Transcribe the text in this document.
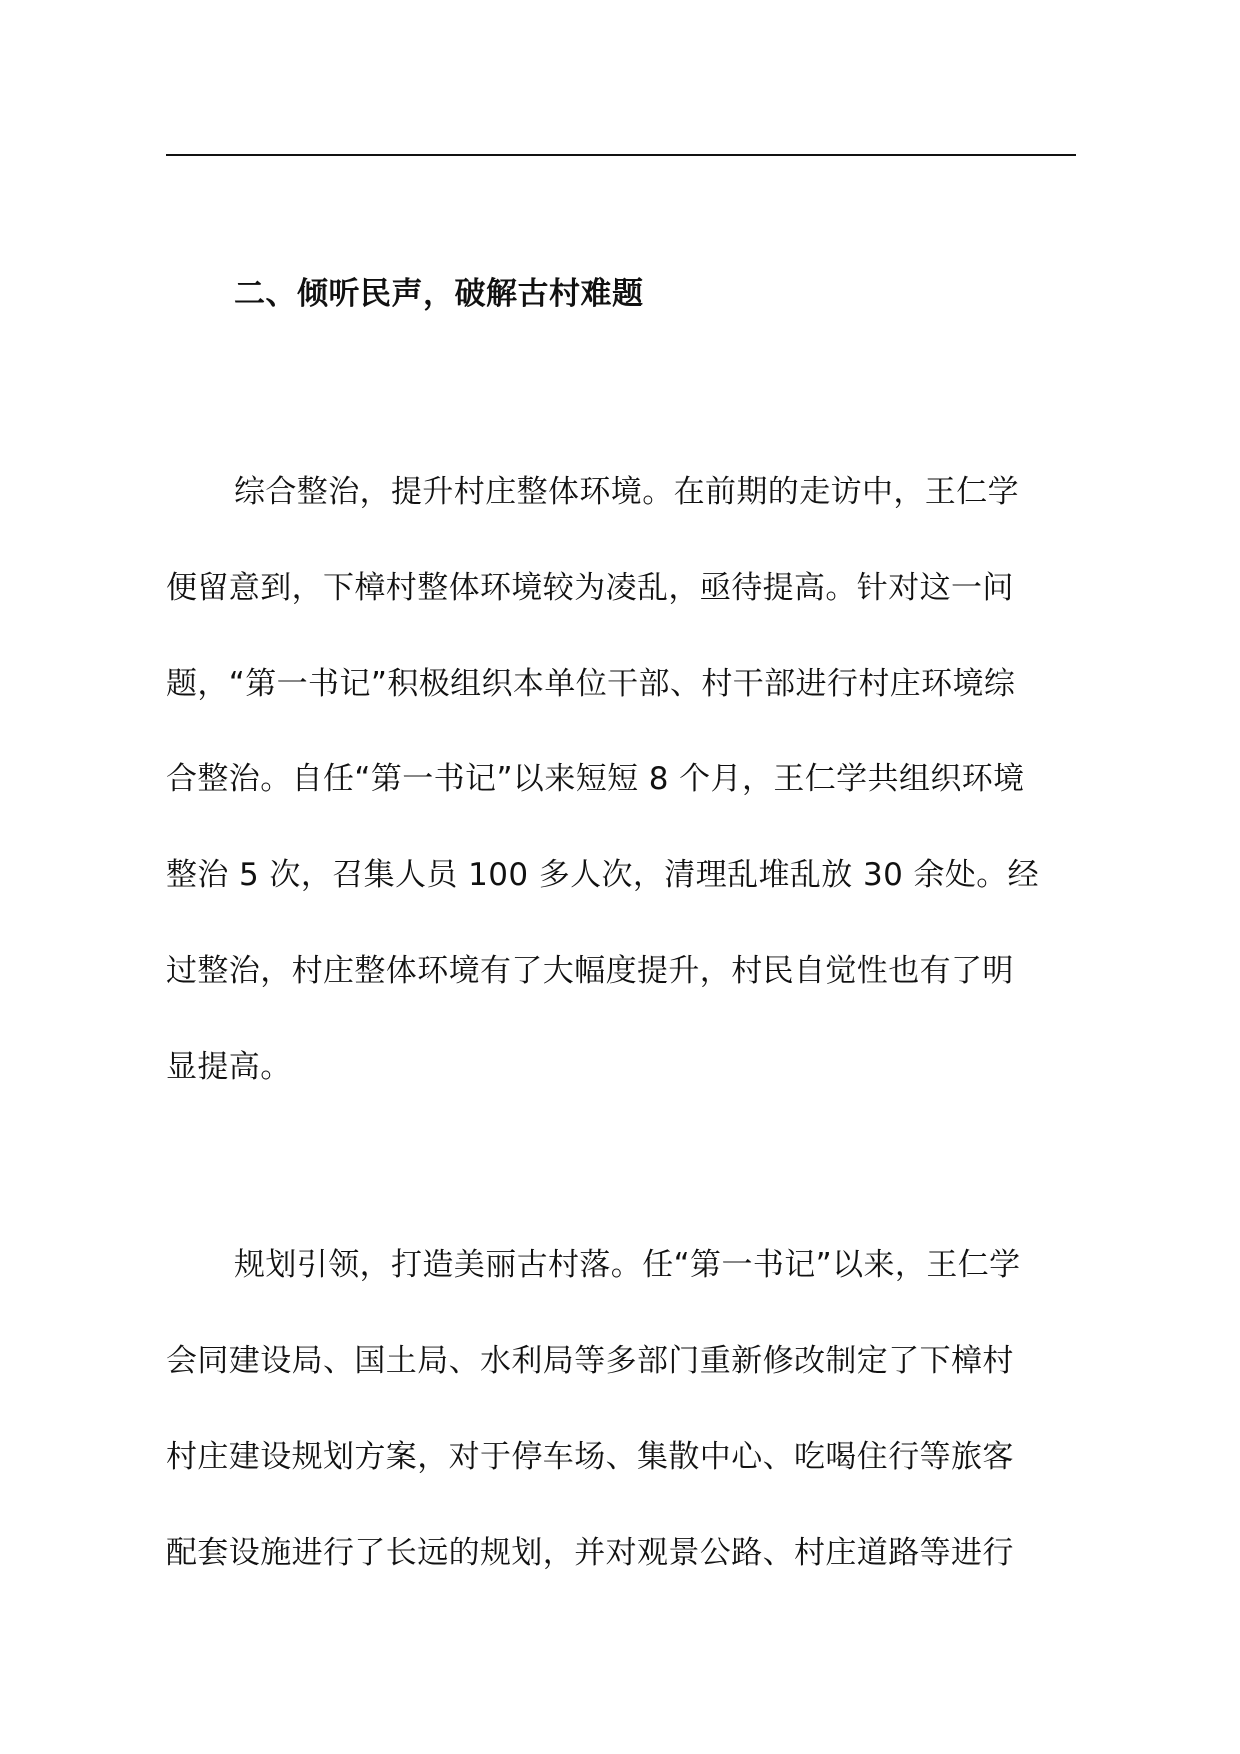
二、倾听民声，破解古村难题
综合整治，提升村庄整体环境。在前期的走访中，王仁学
便留意到，下樟村整体环境较为凌乱，亟待提高。针对这一问
题，“第一书记”积极组织本单位干部、村干部进行村庄环境综
合整治。自任“第一书记”以来短短 8 个月，王仁学共组织环境
整治 5 次，召集人员 100 多人次，清理乱堆乱放 30 余处。经
过整治，村庄整体环境有了大幅度提升，村民自觉性也有了明
显提高。
规划引领，打造美丽古村落。任“第一书记”以来，王仁学
会同建设局、国土局、水利局等多部门重新修改制定了下樟村
村庄建设规划方案，对于停车场、集散中心、吃喝住行等旅客
配套设施进行了长远的规划，并对观景公路、村庄道路等进行
